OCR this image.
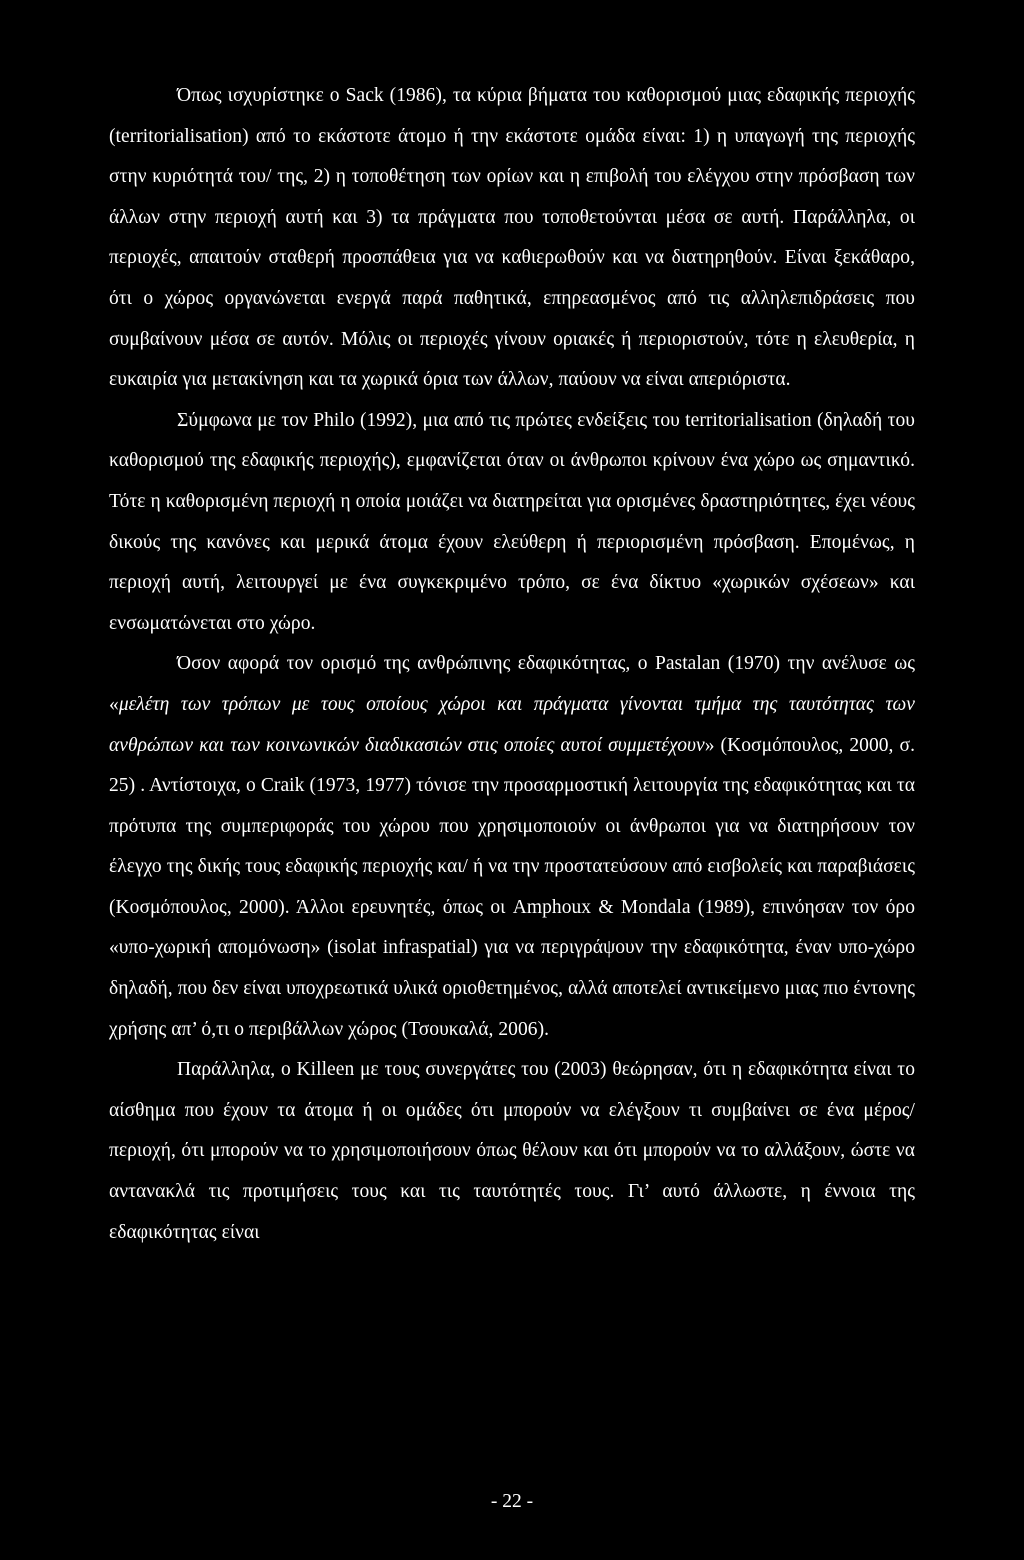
Όπως ισχυρίστηκε ο Sack (1986), τα κύρια βήματα του καθορισμού μιας εδαφικής περιοχής (territorialisation) από το εκάστοτε άτομο ή την εκάστοτε ομάδα είναι: 1) η υπαγωγή της περιοχής στην κυριότητά του/ της, 2) η τοποθέτηση των ορίων και η επιβολή του ελέγχου στην πρόσβαση των άλλων στην περιοχή αυτή και 3) τα πράγματα που τοποθετούνται μέσα σε αυτή. Παράλληλα, οι περιοχές, απαιτούν σταθερή προσπάθεια για να καθιερωθούν και να διατηρηθούν. Είναι ξεκάθαρο, ότι ο χώρος οργανώνεται ενεργά παρά παθητικά, επηρεασμένος από τις αλληλεπιδράσεις που συμβαίνουν μέσα σε αυτόν. Μόλις οι περιοχές γίνουν οριακές ή περιοριστούν, τότε η ελευθερία, η ευκαιρία για μετακίνηση και τα χωρικά όρια των άλλων, παύουν να είναι απεριόριστα.

Σύμφωνα με τον Philo (1992), μια από τις πρώτες ενδείξεις του territorialisation (δηλαδή του καθορισμού της εδαφικής περιοχής), εμφανίζεται όταν οι άνθρωποι κρίνουν ένα χώρο ως σημαντικό. Τότε η καθορισμένη περιοχή η οποία μοιάζει να διατηρείται για ορισμένες δραστηριότητες, έχει νέους δικούς της κανόνες και μερικά άτομα έχουν ελεύθερη ή περιορισμένη πρόσβαση. Επομένως, η περιοχή αυτή, λειτουργεί με ένα συγκεκριμένο τρόπο, σε ένα δίκτυο «χωρικών σχέσεων» και ενσωματώνεται στο χώρο.

Όσον αφορά τον ορισμό της ανθρώπινης εδαφικότητας, ο Pastalan (1970) την ανέλυσε ως «μελέτη των τρόπων με τους οποίους χώροι και πράγματα γίνονται τμήμα της ταυτότητας των ανθρώπων και των κοινωνικών διαδικασιών στις οποίες αυτοί συμμετέχουν» (Κοσμόπουλος, 2000, σ. 25) . Αντίστοιχα, ο Craik (1973, 1977) τόνισε την προσαρμοστική λειτουργία της εδαφικότητας και τα πρότυπα της συμπεριφοράς του χώρου που χρησιμοποιούν οι άνθρωποι για να διατηρήσουν τον έλεγχο της δικής τους εδαφικής περιοχής και/ ή να την προστατεύσουν από εισβολείς και παραβιάσεις (Κοσμόπουλος, 2000). Άλλοι ερευνητές, όπως οι Amphoux & Mondala (1989), επινόησαν τον όρο «υπο-χωρική απομόνωση» (isolat infraspatial) για να περιγράψουν την εδαφικότητα, έναν υπο-χώρο δηλαδή, που δεν είναι υποχρεωτικά υλικά οριοθετημένος, αλλά αποτελεί αντικείμενο μιας πιο έντονης χρήσης απ’ ό,τι ο περιβάλλων χώρος (Τσουκαλά, 2006).

Παράλληλα, ο Killeen με τους συνεργάτες του (2003) θεώρησαν, ότι η εδαφικότητα είναι το αίσθημα που έχουν τα άτομα ή οι ομάδες ότι μπορούν να ελέγξουν τι συμβαίνει σε ένα μέρος/ περιοχή, ότι μπορούν να το χρησιμοποιήσουν όπως θέλουν και ότι μπορούν να το αλλάξουν, ώστε να αντανακλά τις προτιμήσεις τους και τις ταυτότητές τους. Γι’ αυτό άλλωστε, η έννοια της εδαφικότητας είναι

- 22 -
